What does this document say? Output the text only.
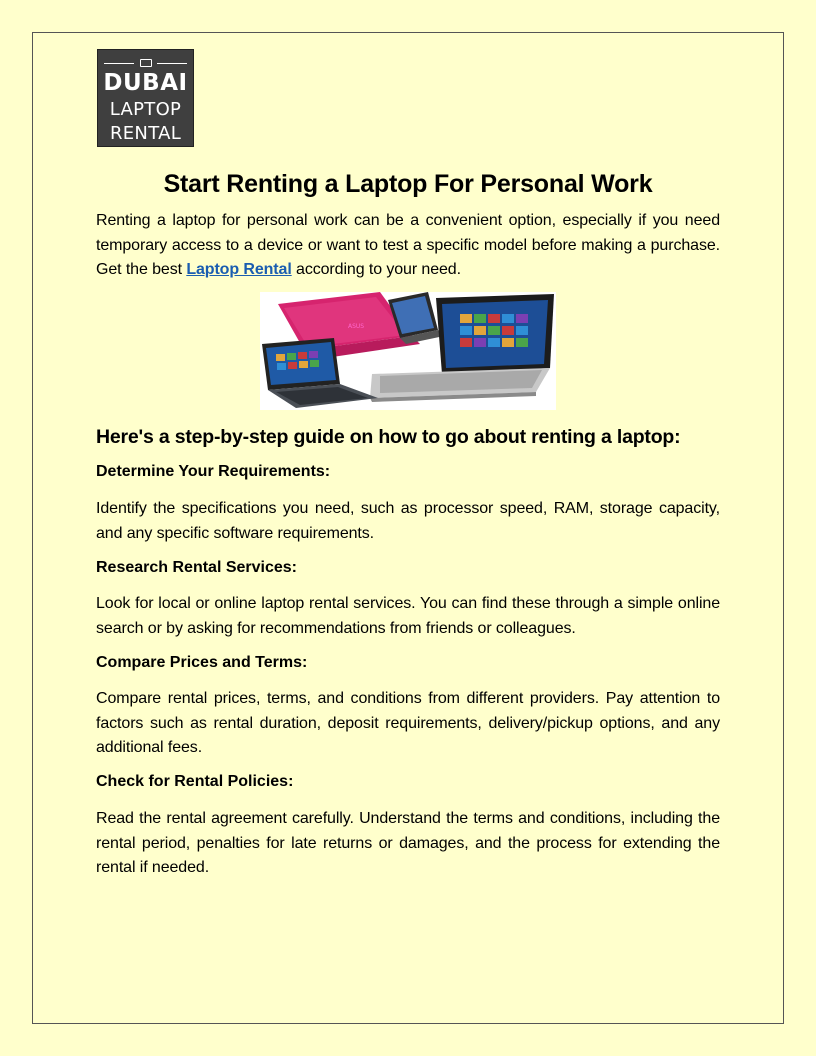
DUBAI
LAPTOP
RENTAL
Start Renting a Laptop For Personal Work

Renting a laptop for personal work can be a convenient option, especially if you need temporary access to a device or want to test a specific model before making a purchase. Get the best Laptop Rental according to your need.

ASUS
Here's a step-by-step guide on how to go about renting a laptop:
Determine Your Requirements:

Identify the specifications you need, such as processor speed, RAM, storage capacity, and any specific software requirements.

Research Rental Services:

Look for local or online laptop rental services. You can find these through a simple online search or by asking for recommendations from friends or colleagues.

Compare Prices and Terms:

Compare rental prices, terms, and conditions from different providers. Pay attention to factors such as rental duration, deposit requirements, delivery/pickup options, and any additional fees.

Check for Rental Policies:

Read the rental agreement carefully. Understand the terms and conditions, including the rental period, penalties for late returns or damages, and the process for extending the rental if needed.
